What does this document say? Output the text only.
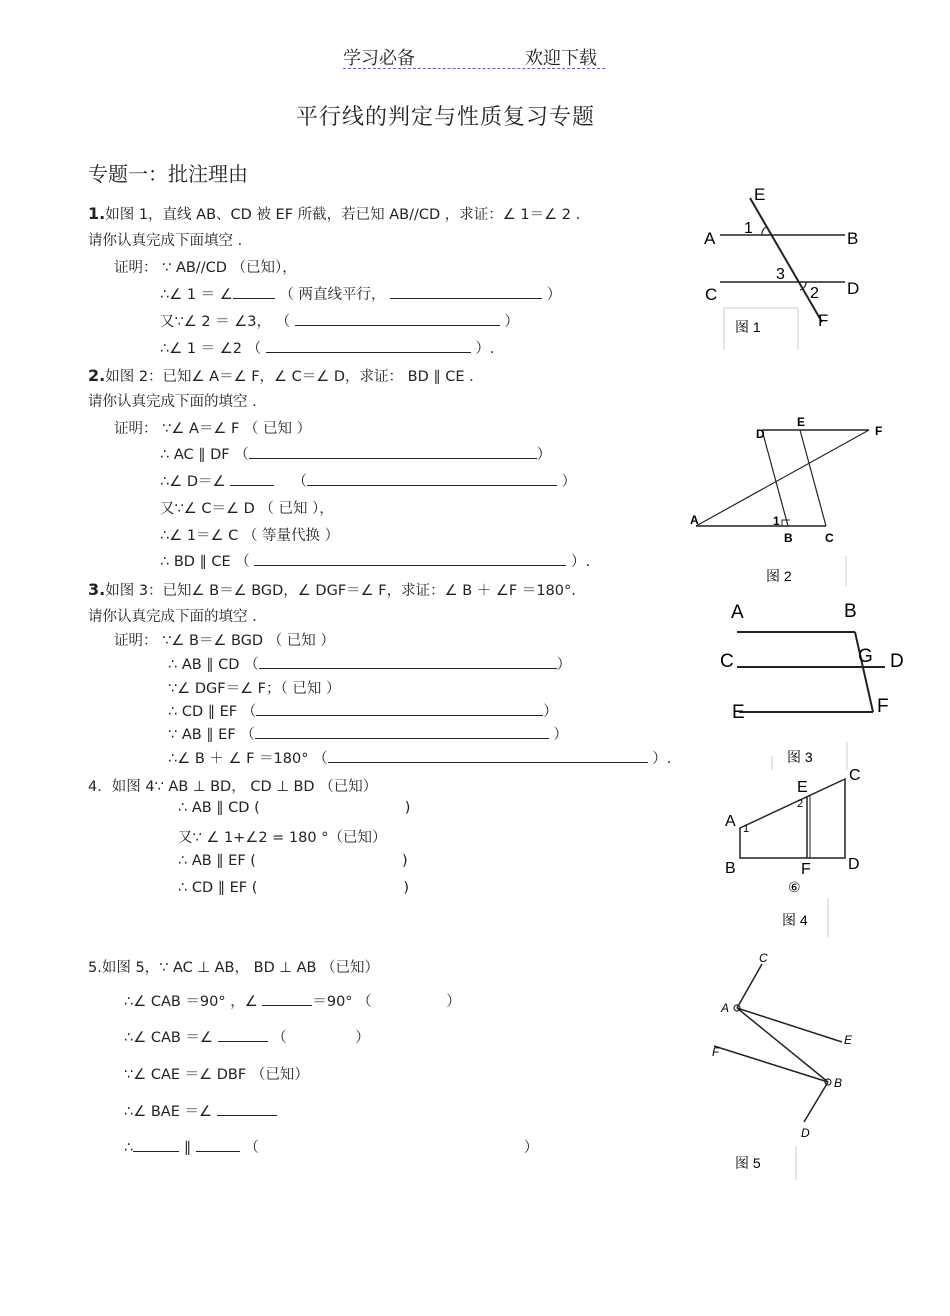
学习必备	欢迎下载
平行线的判定与性质复习专题
专题一：批注理由
1.如图 1，直线 AB、CD 被 EF 所截，若已知 AB//CD ，求证：∠ 1＝∠ 2 .
请你认真完成下面填空 .
证明： ∵ AB//CD （已知），
∴∠ 1 ＝ ∠	（ 两直线平行，	）
又∵∠ 2 ＝ ∠3， （	）
∴∠ 1 ＝ ∠2 （	）.
2.如图 2：已知∠ A＝∠ F，∠ C＝∠ D，求证： BD ∥ CE .
请你认真完成下面的填空 .
证明： ∵∠ A＝∠ F （ 已知 ）
∴ AC ∥ DF （	）
∴∠ D＝∠	（	）
又∵∠ C＝∠ D （ 已知 ），
∴∠ 1＝∠ C （ 等量代换 ）
∴ BD ∥ CE （	）.
3.如图 3：已知∠ B＝∠ BGD，∠ DGF＝∠ F，求证：∠ B ＋ ∠F ＝180°.
请你认真完成下面的填空 .
证明： ∵∠ B＝∠ BGD （ 已知 ）
∴ AB ∥ CD （	）
∵∠ DGF＝∠ F；（ 已知 ）
∴ CD ∥ EF （	）
∵ AB ∥ EF （	）
∴∠ B ＋ ∠ F ＝180° （	）.
4．如图 4∵ AB ⊥ BD， CD ⊥ BD （已知）
∴ AB ∥ CD (	)
又∵ ∠ 1+∠2 = 180 °（已知）
∴ AB ∥ EF (	)
∴ CD ∥ EF (	)
5.如图 5，∵ AC ⊥ AB， BD ⊥ AB （已知）
∴∠ CAB ＝90° ，∠	＝90° （	）
∴∠ CAB ＝∠	（	）
∵∠ CAE ＝∠ DBF （已知）
∴∠ BAE ＝∠
∴	∥	（	）
E
A	B
C	D
F
1
2
3
图 1
D
E
F
A
B	C
1
图 2
A	B
C	G D
E	F
图 3
C
E
2
A 1
B	F D
⑥
图 4
C
A
E
F
B
D
图 5
